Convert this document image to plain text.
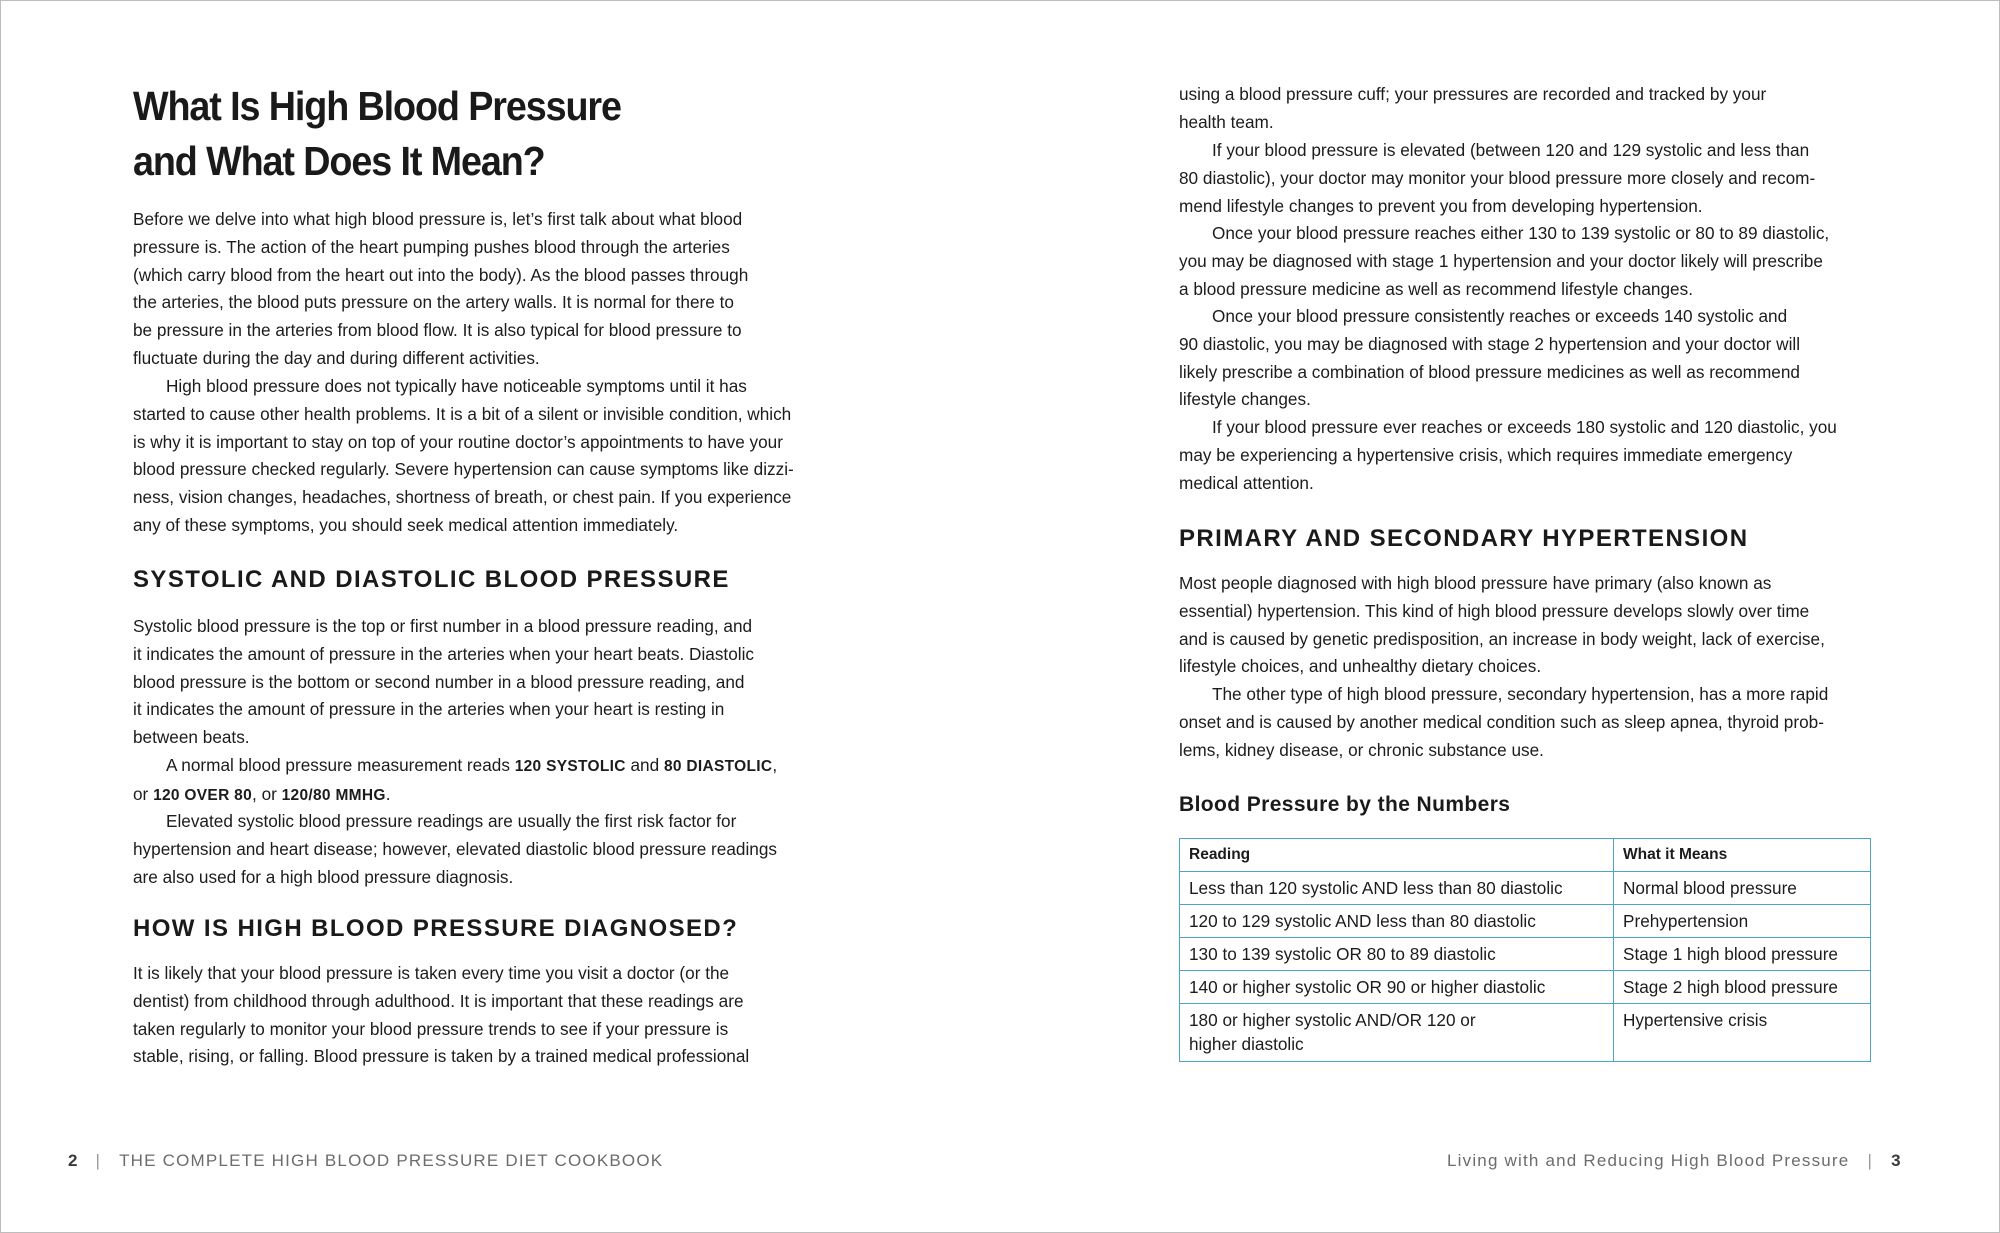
What Is High Blood Pressure
and What Does It Mean?

Before we delve into what high blood pressure is, let’s first talk about what blood
pressure is. The action of the heart pumping pushes blood through the arteries
(which carry blood from the heart out into the body). As the blood passes through
the arteries, the blood puts pressure on the artery walls. It is normal for there to
be pressure in the arteries from blood flow. It is also typical for blood pressure to
fluctuate during the day and during different activities.

High blood pressure does not typically have noticeable symptoms until it has
started to cause other health problems. It is a bit of a silent or invisible condition, which
is why it is important to stay on top of your routine doctor’s appointments to have your
blood pressure checked regularly. Severe hypertension can cause symptoms like dizzi-
ness, vision changes, headaches, shortness of breath, or chest pain. If you experience
any of these symptoms, you should seek medical attention immediately.

SYSTOLIC AND DIASTOLIC BLOOD PRESSURE

Systolic blood pressure is the top or first number in a blood pressure reading, and
it indicates the amount of pressure in the arteries when your heart beats. Diastolic
blood pressure is the bottom or second number in a blood pressure reading, and
it indicates the amount of pressure in the arteries when your heart is resting in
between beats.

A normal blood pressure measurement reads 120 SYSTOLIC and 80 DIASTOLIC,
or 120 OVER 80, or 120/80 MMHG.

Elevated systolic blood pressure readings are usually the first risk factor for
hypertension and heart disease; however, elevated diastolic blood pressure readings
are also used for a high blood pressure diagnosis.

HOW IS HIGH BLOOD PRESSURE DIAGNOSED?

It is likely that your blood pressure is taken every time you visit a doctor (or the
dentist) from childhood through adulthood. It is important that these readings are
taken regularly to monitor your blood pressure trends to see if your pressure is
stable, rising, or falling. Blood pressure is taken by a trained medical professional

2 | THE COMPLETE HIGH BLOOD PRESSURE DIET COOKBOOK

using a blood pressure cuff; your pressures are recorded and tracked by your
health team.

If your blood pressure is elevated (between 120 and 129 systolic and less than
80 diastolic), your doctor may monitor your blood pressure more closely and recom-
mend lifestyle changes to prevent you from developing hypertension.

Once your blood pressure reaches either 130 to 139 systolic or 80 to 89 diastolic,
you may be diagnosed with stage 1 hypertension and your doctor likely will prescribe
a blood pressure medicine as well as recommend lifestyle changes.

Once your blood pressure consistently reaches or exceeds 140 systolic and
90 diastolic, you may be diagnosed with stage 2 hypertension and your doctor will
likely prescribe a combination of blood pressure medicines as well as recommend
lifestyle changes.

If your blood pressure ever reaches or exceeds 180 systolic and 120 diastolic, you
may be experiencing a hypertensive crisis, which requires immediate emergency
medical attention.

PRIMARY AND SECONDARY HYPERTENSION

Most people diagnosed with high blood pressure have primary (also known as
essential) hypertension. This kind of high blood pressure develops slowly over time
and is caused by genetic predisposition, an increase in body weight, lack of exercise,
lifestyle choices, and unhealthy dietary choices.

The other type of high blood pressure, secondary hypertension, has a more rapid
onset and is caused by another medical condition such as sleep apnea, thyroid prob-
lems, kidney disease, or chronic substance use.

Blood Pressure by the Numbers
Reading	What it Means
Less than 120 systolic AND less than 80 diastolic	Normal blood pressure
120 to 129 systolic AND less than 80 diastolic	Prehypertension
130 to 139 systolic OR 80 to 89 diastolic	Stage 1 high blood pressure
140 or higher systolic OR 90 or higher diastolic	Stage 2 high blood pressure

180 or higher systolic AND/OR 120 or
higher diastolic	Hypertensive crisis
Living with and Reducing High Blood Pressure | 3
